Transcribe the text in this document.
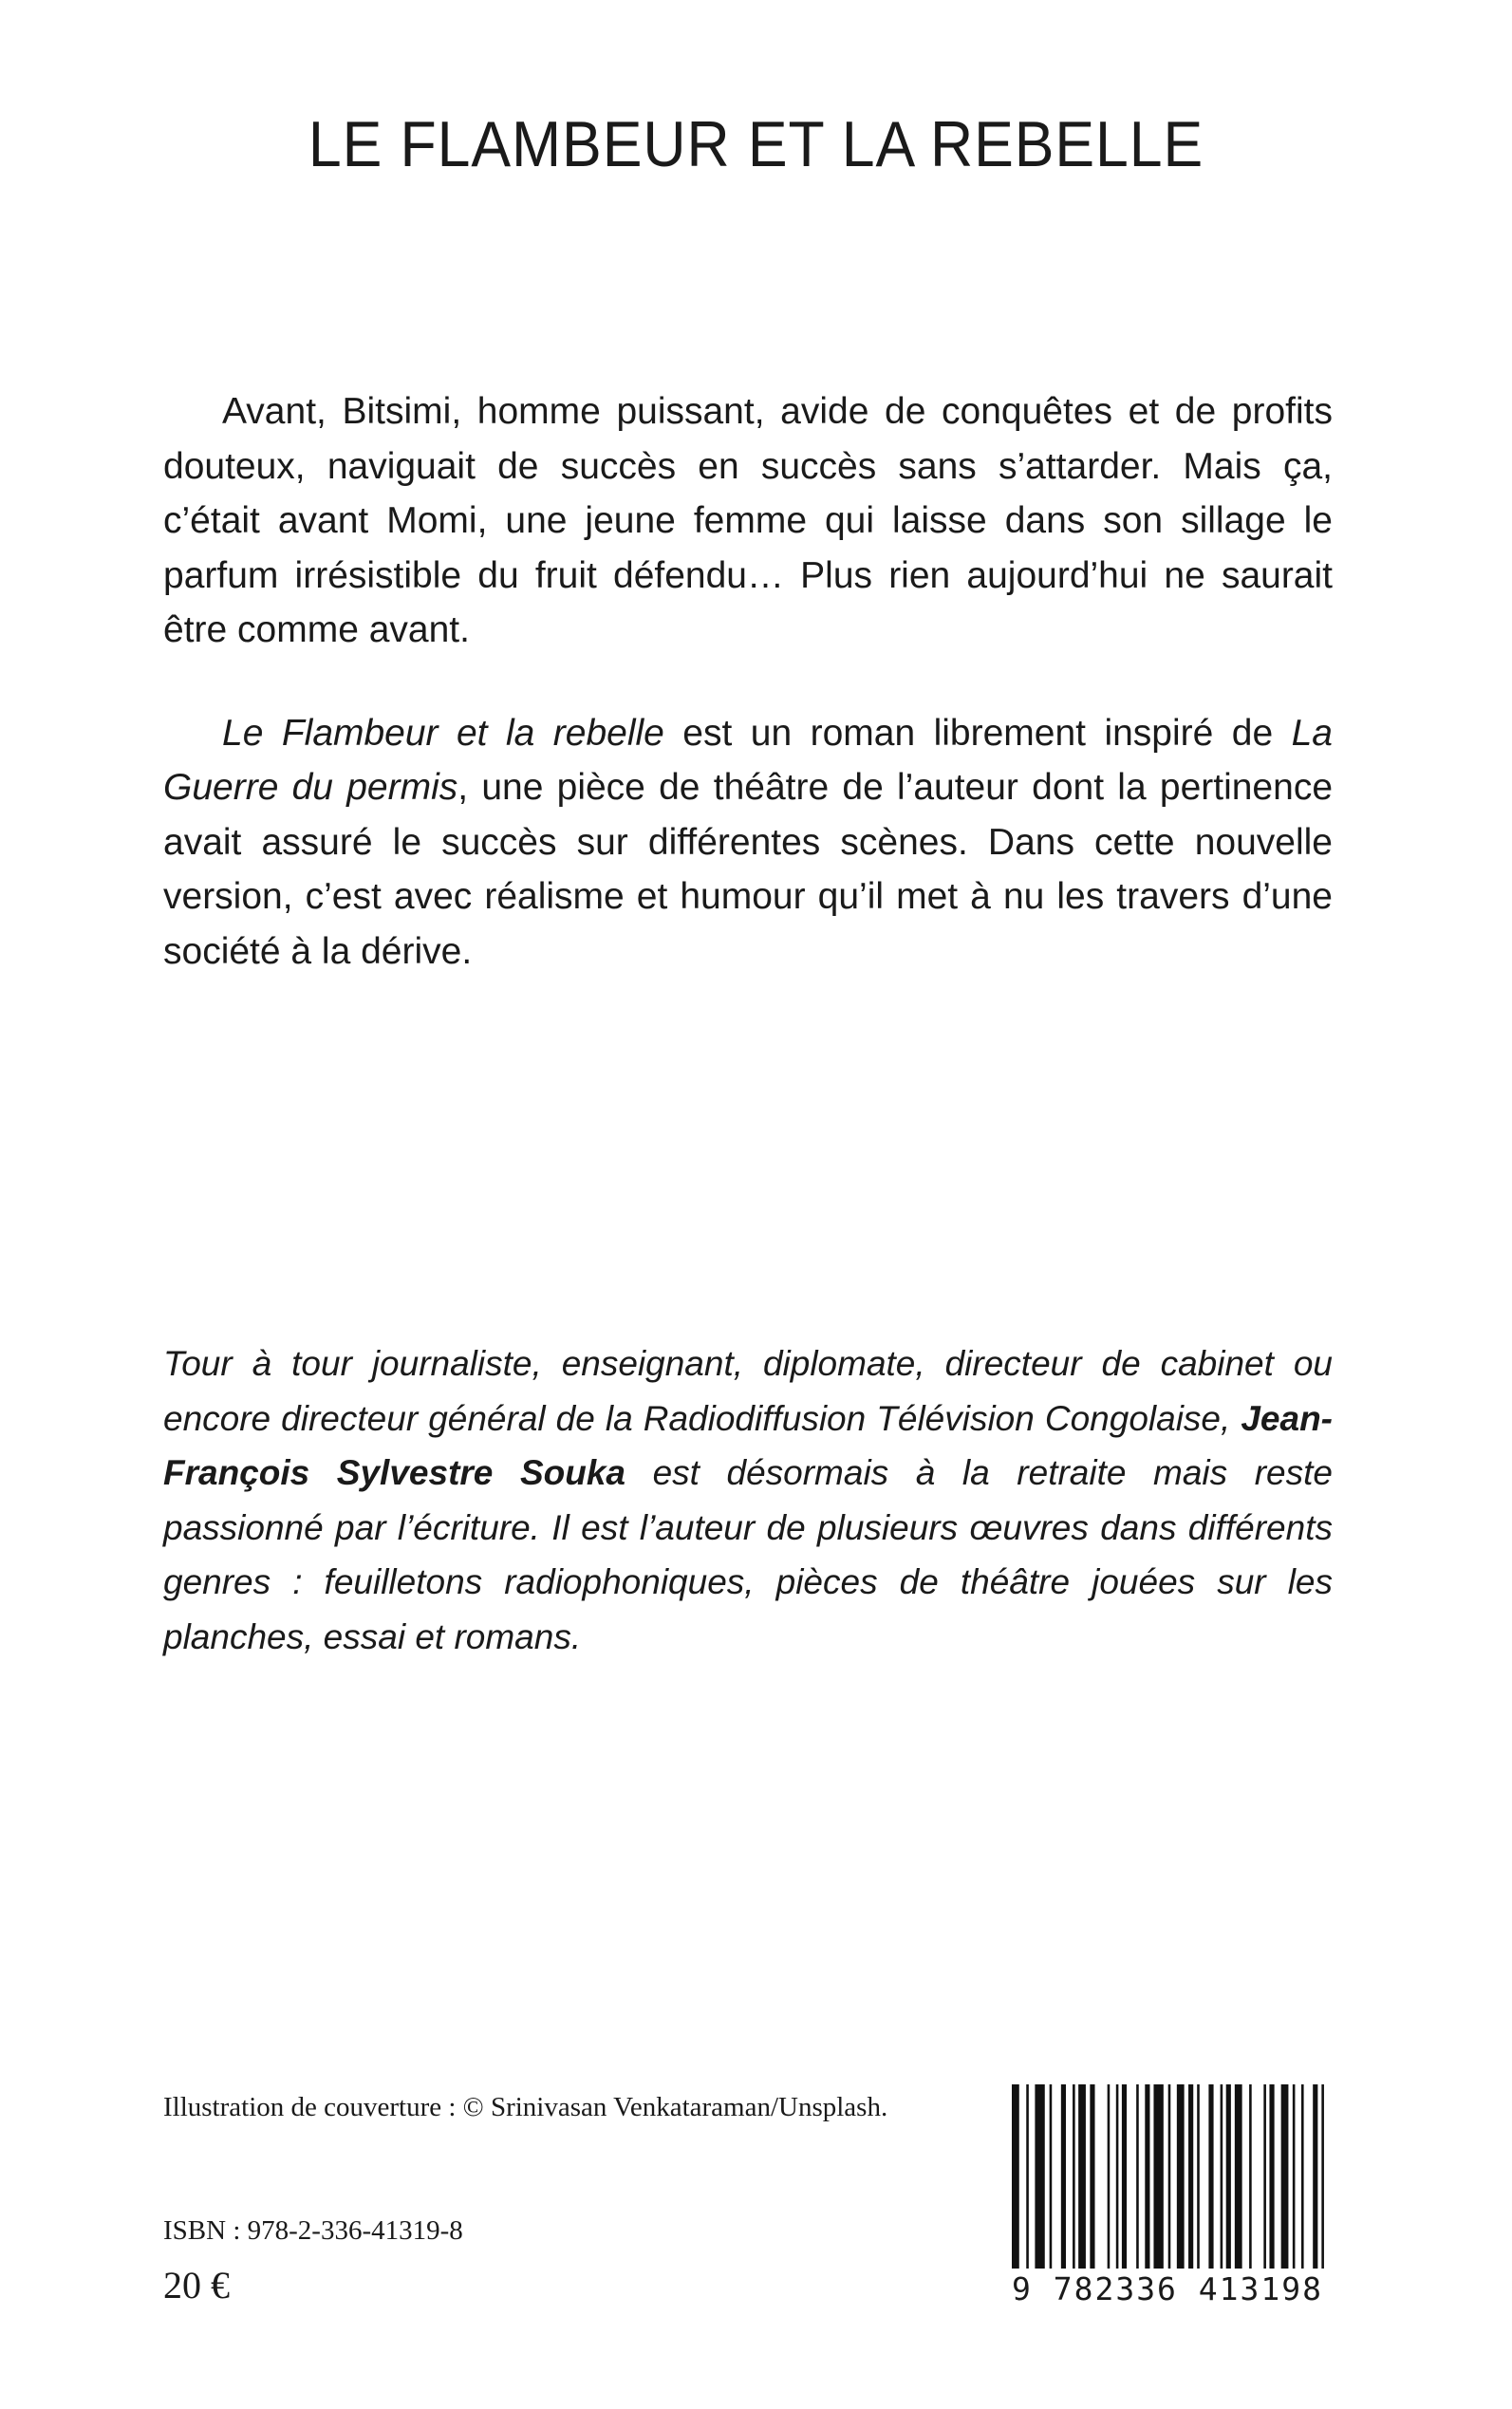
LE FLAMBEUR ET LA REBELLE

Avant, Bitsimi, homme puissant, avide de conquêtes et de profits douteux, naviguait de succès en succès sans s’attarder. Mais ça, c’était avant Momi, une jeune femme qui laisse dans son sillage le parfum irrésistible du fruit défendu… Plus rien aujourd’hui ne saurait être comme avant.

Le Flambeur et la rebelle est un roman librement inspiré de La Guerre du permis, une pièce de théâtre de l’auteur dont la pertinence avait assuré le succès sur différentes scènes. Dans cette nouvelle version, c’est avec réalisme et humour qu’il met à nu les travers d’une société à la dérive.

Tour à tour journaliste, enseignant, diplomate, directeur de cabinet ou encore directeur général de la Radiodiffusion Télévision Congolaise, Jean-François Sylvestre Souka est désormais à la retraite mais reste passionné par l’écriture. Il est l’auteur de plusieurs œuvres dans différents genres : feuilletons radiophoniques, pièces de théâtre jouées sur les planches, essai et romans.

Illustration de couverture : © Srinivasan Venkataraman/Unsplash.

ISBN : 978-2-336-41319-8

20 €	9 782336 413198
